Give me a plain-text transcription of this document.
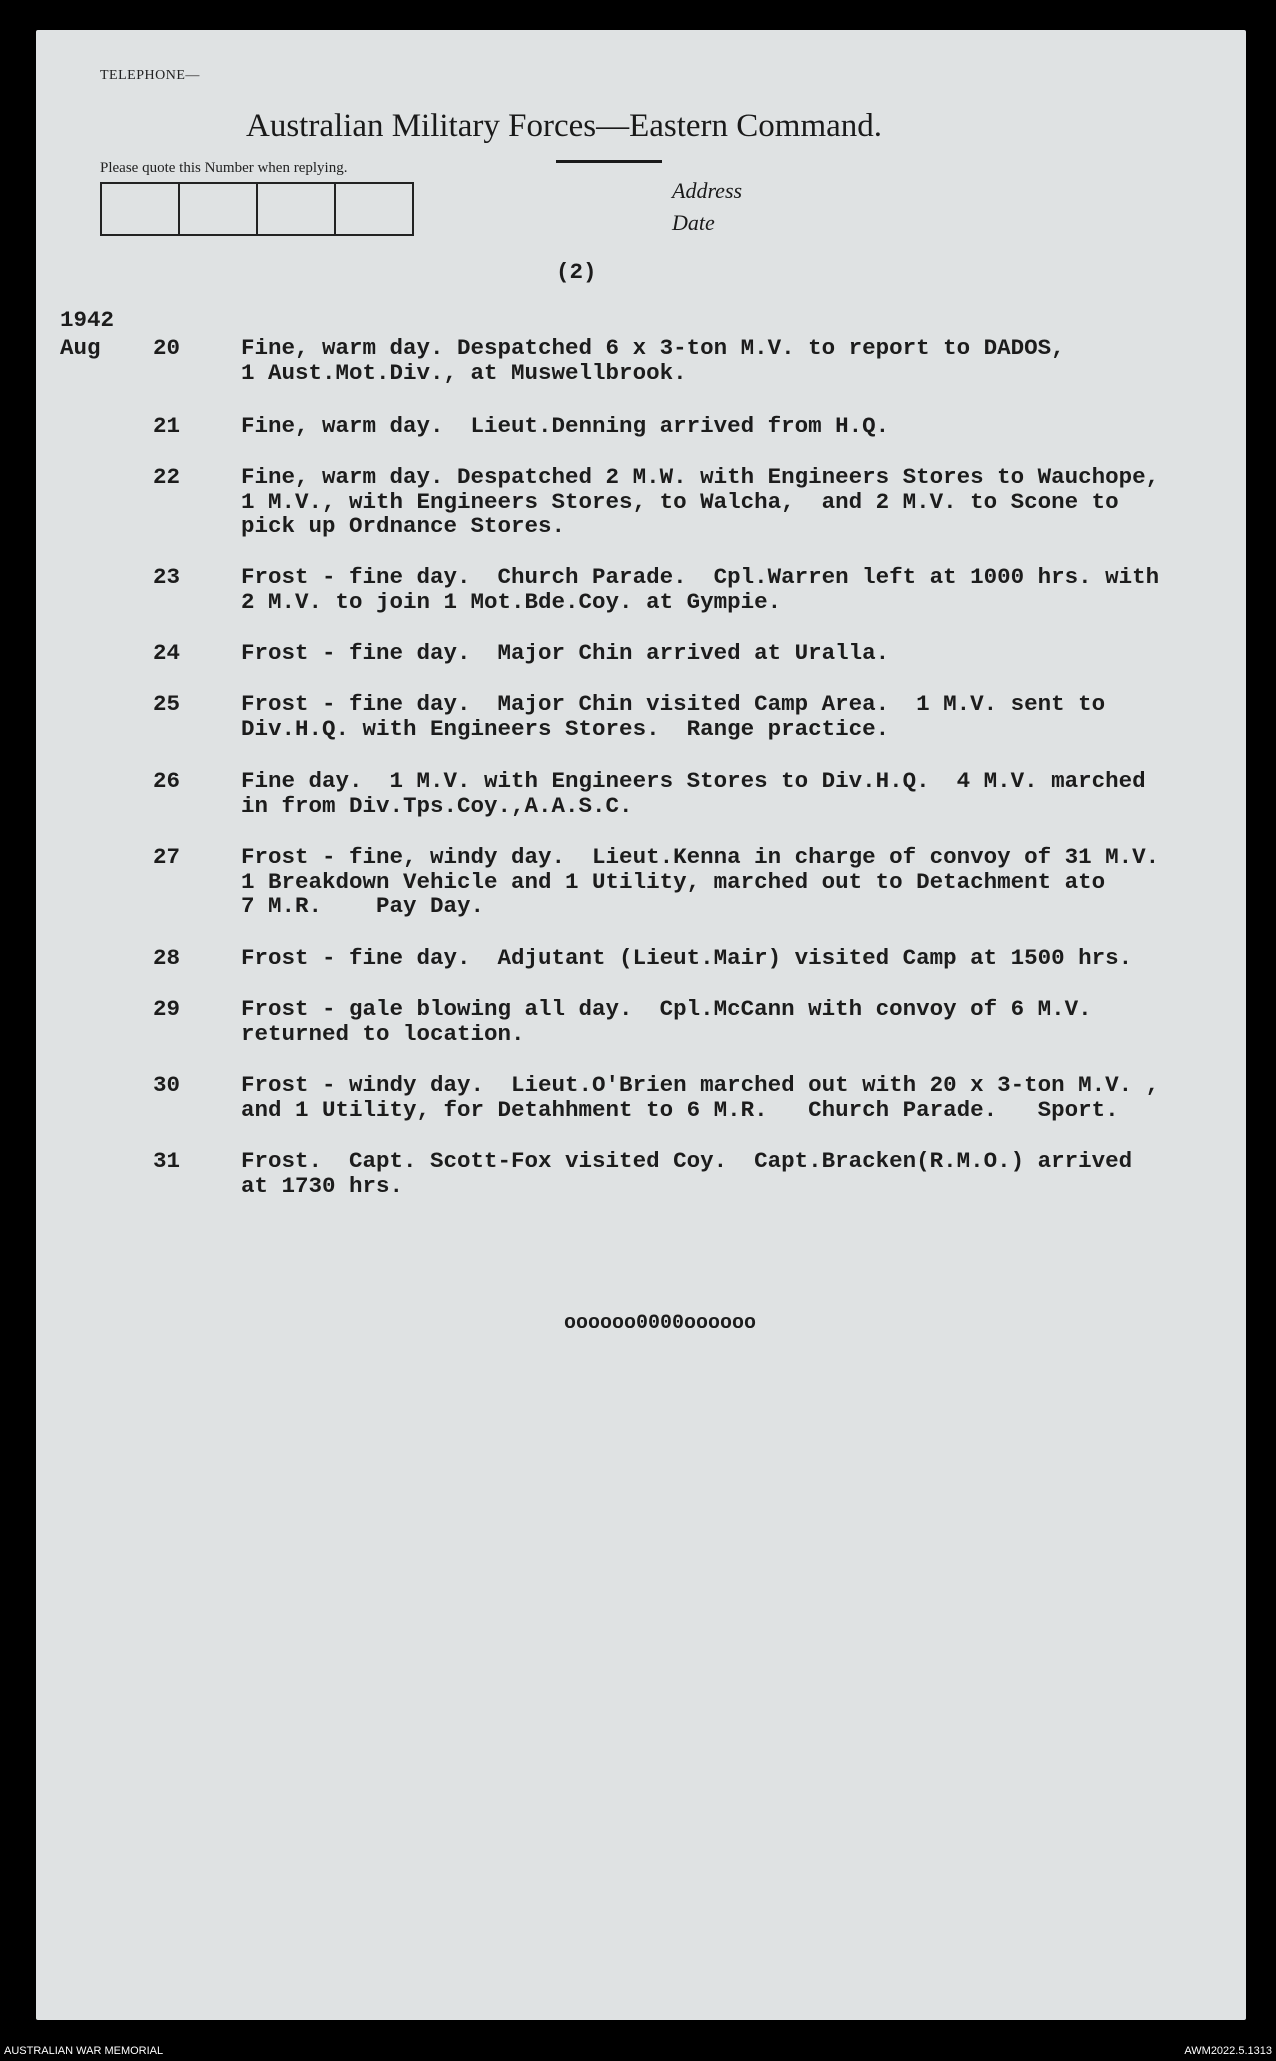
TELEPHONE—
Australian Military Forces—Eastern Command.
Please quote this Number when replying.
Address
Date
(2)
1942
Aug	20	Fine, warm day. Despatched 6 x 3-ton M.V. to report to DADOS,
1 Aust.Mot.Div., at Muswellbrook.
21	Fine, warm day.  Lieut.Denning arrived from H.Q.
22	Fine, warm day. Despatched 2 M.W. with Engineers Stores to Wauchope,
1 M.V., with Engineers Stores, to Walcha,  and 2 M.V. to Scone to
pick up Ordnance Stores.
23	Frost - fine day.  Church Parade.  Cpl.Warren left at 1000 hrs. with
2 M.V. to join 1 Mot.Bde.Coy. at Gympie.
24	Frost - fine day.  Major Chin arrived at Uralla.
25	Frost - fine day.  Major Chin visited Camp Area.  1 M.V. sent to
Div.H.Q. with Engineers Stores.  Range practice.
26	Fine day.  1 M.V. with Engineers Stores to Div.H.Q.  4 M.V. marched
in from Div.Tps.Coy.,A.A.S.C.
27	Frost - fine, windy day.  Lieut.Kenna in charge of convoy of 31 M.V.
1 Breakdown Vehicle and 1 Utility, marched out to Detachment ato
7 M.R.    Pay Day.
28	Frost - fine day.  Adjutant (Lieut.Mair) visited Camp at 1500 hrs.
29	Frost - gale blowing all day.  Cpl.McCann with convoy of 6 M.V.
returned to location.
30	Frost - windy day.  Lieut.O'Brien marched out with 20 x 3-ton M.V. ,
and 1 Utility, for Detahhment to 6 M.R.   Church Parade.   Sport.
31	Frost.  Capt. Scott-Fox visited Coy.  Capt.Bracken(R.M.O.) arrived
at 1730 hrs.
oooooo0000oooooo
AUSTRALIAN WAR MEMORIAL	AWM2022.5.1313
